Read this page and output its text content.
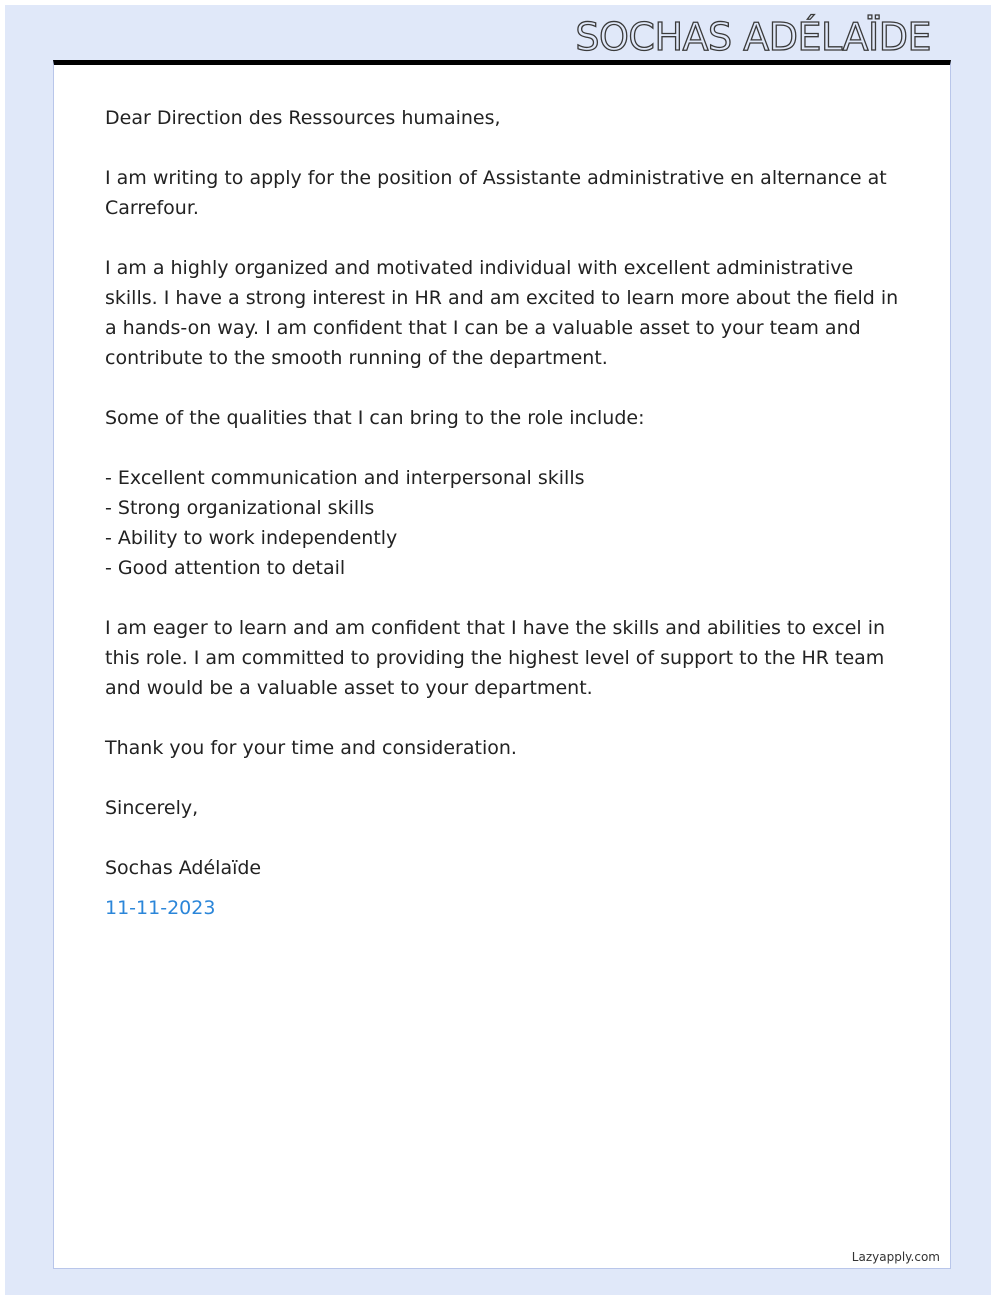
SOCHAS ADÉLAÏDE

Dear Direction des Ressources humaines,

I am writing to apply for the position of Assistante administrative en alternance at Carrefour.

I am a highly organized and motivated individual with excellent administrative skills. I have a strong interest in HR and am excited to learn more about the field in a hands-on way. I am confident that I can be a valuable asset to your team and contribute to the smooth running of the department.

Some of the qualities that I can bring to the role include:

- Excellent communication and interpersonal skills
- Strong organizational skills
- Ability to work independently
- Good attention to detail

I am eager to learn and am confident that I have the skills and abilities to excel in this role. I am committed to providing the highest level of support to the HR team and would be a valuable asset to your department.

Thank you for your time and consideration.

Sincerely,

Sochas Adélaïde

11-11-2023

Lazyapply.com
